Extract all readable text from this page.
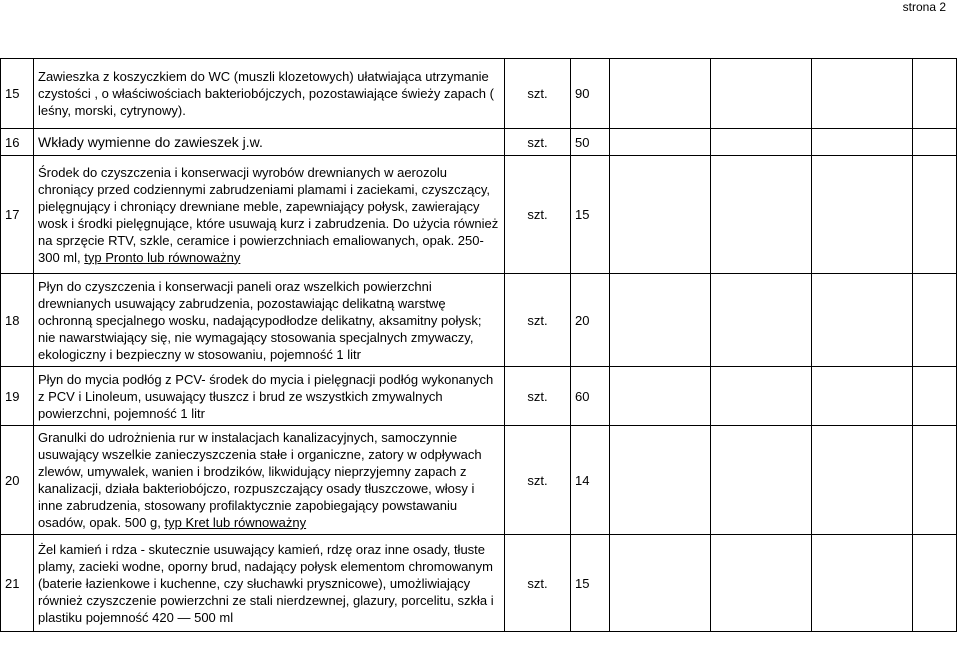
strona 2
15	Zawieszka z koszyczkiem do WC (muszli klozetowych) ułatwiająca utrzymanie czystości , o właściwościach bakteriobójczych, pozostawiające świeży zapach ( leśny, morski, cytrynowy).	szt.	90				
16	Wkłady wymienne do zawieszek j.w.	szt.	50				
17	Środek do czyszczenia i konserwacji wyrobów drewnianych w aerozolu chroniący przed codziennymi zabrudzeniami plamami i zaciekami, czyszczący, pielęgnujący i chroniący drewniane meble, zapewniający połysk, zawierający wosk i środki pielęgnujące, które usuwają kurz i zabrudzenia. Do użycia również na sprzęcie RTV, szkle, ceramice i powierzchniach emaliowanych, opak. 250-300 ml, typ Pronto lub równoważny	szt.	15				
18	Płyn do czyszczenia i konserwacji paneli oraz wszelkich powierzchni drewnianych usuwający zabrudzenia, pozostawiając delikatną warstwę ochronną specjalnego wosku, nadającypodłodze delikatny, aksamitny połysk; nie nawarstwiający się, nie wymagający stosowania specjalnych zmywaczy, ekologiczny i bezpieczny w stosowaniu, pojemność 1 litr	szt.	20				
19	Płyn do mycia podłóg z PCV- środek do mycia i pielęgnacji podłóg wykonanych z PCV i Linoleum, usuwający tłuszcz i brud ze wszystkich zmywalnych powierzchni, pojemność 1 litr	szt.	60				
20	Granulki do udrożnienia rur w instalacjach kanalizacyjnych, samoczynnie usuwający wszelkie zanieczyszczenia stałe i organiczne, zatory w odpływach zlewów, umywalek, wanien i brodzików, likwidujący nieprzyjemny zapach z kanalizacji, działa bakteriobójczo, rozpuszczający osady tłuszczowe, włosy i inne zabrudzenia, stosowany profilaktycznie zapobiegający powstawaniu osadów, opak. 500 g, typ Kret lub równoważny	szt.	14				
21	Żel kamień i rdza - skutecznie usuwający kamień, rdzę oraz inne osady, tłuste plamy, zacieki wodne, oporny brud, nadający połysk elementom chromowanym (baterie łazienkowe i kuchenne, czy słuchawki prysznicowe), umożliwiający również czyszczenie powierzchni ze stali nierdzewnej, glazury, porcelitu, szkła i plastiku pojemność 420 — 500 ml	szt.	15				
